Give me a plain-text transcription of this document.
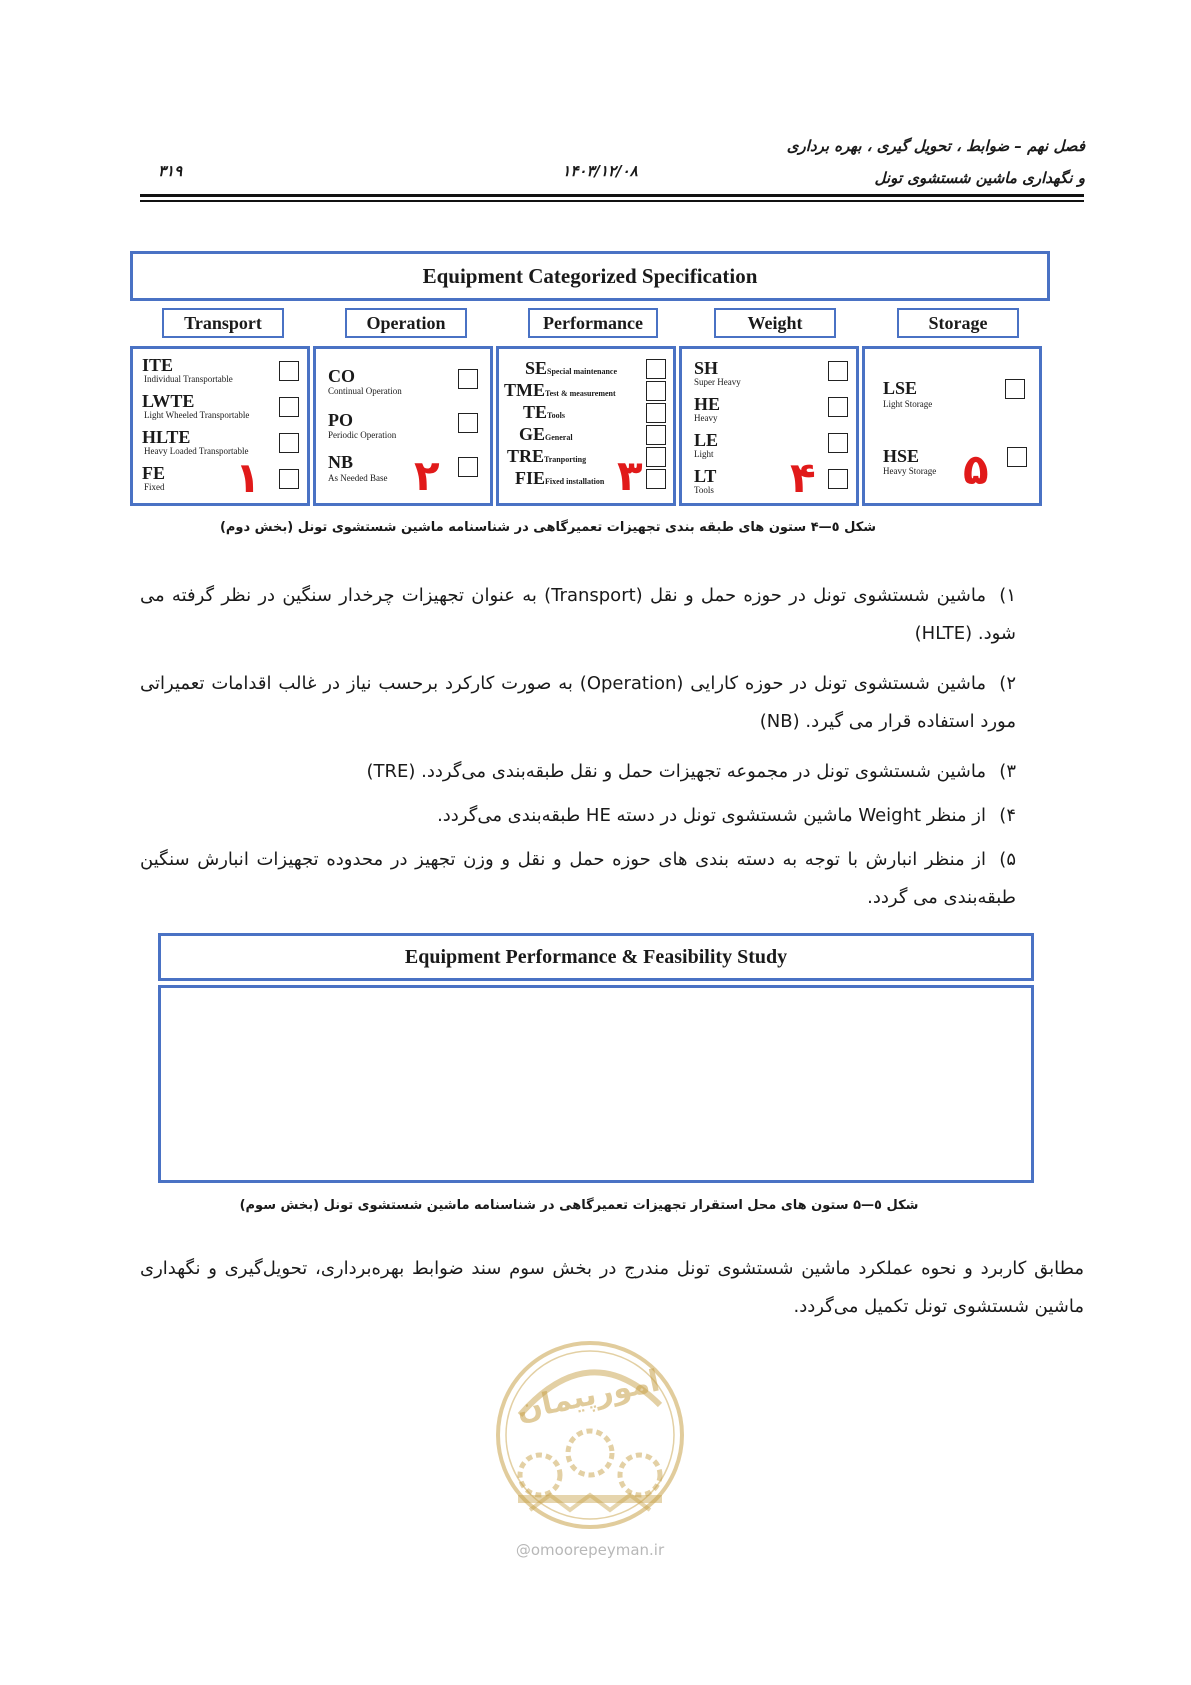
فصل نهم – ضوابط ، تحویل گیری ، بهره برداری
و نگهداری ماشین شستشوی تونل
۱۴۰۳/۱۲/۰۸
۳۱۹
Equipment Categorized Specification
Transport	Operation	Performance	Weight	Storage
ITE
Individual Transportable
LWTE
Light Wheeled Transportable
HLTE
Heavy Loaded Transportable
FE
Fixed ۱
CO
Continual Operation
PO
Periodic Operation
NB
As Needed Base ۲
SESpecial maintenance
TMETest & measurement
TETools
GEGeneral
TRETranporting
FIEFixed installation ۳
SH
Super Heavy
HE
Heavy
LE
Light
LT
Tools ۴
LSE
Light Storage
HSE
Heavy Storage ۵
شکل ٥—۴ ستون های طبقه بندی تجهیزات تعمیرگاهی در شناسنامه ماشین شستشوی تونل (بخش دوم)
۱)ماشین شستشوی تونل در حوزه حمل و نقل (Transport) به عنوان تجهیزات چرخدار سنگین در نظر گرفته می شود. (HLTE)
۲)ماشین شستشوی تونل در حوزه کارایی (Operation) به صورت کارکرد برحسب نیاز در غالب اقدامات تعمیراتی مورد استفاده قرار می گیرد. (NB)
۳)ماشین شستشوی تونل در مجموعه تجهیزات حمل و نقل طبقه‌بندی می‌گردد. (TRE)
۴)از منظر Weight ماشین شستشوی تونل در دسته HE طبقه‌بندی می‌گردد.
۵)از منظر انبارش با توجه به دسته بندی های حوزه حمل و نقل و وزن تجهیز در محدوده تجهیزات انبارش سنگین طبقه‌بندی می گردد.
Equipment Performance & Feasibility Study
شکل ٥—۵ ستون های محل استقرار تجهیزات تعمیرگاهی در شناسنامه ماشین شستشوی تونل (بخش سوم)
مطابق کاربرد و نحوه عملکرد ماشین شستشوی تونل مندرج در بخش سوم سند ضوابط بهره‌برداری، تحویل‌گیری و نگهداری ماشین شستشوی تونل تکمیل می‌گردد.
امورپیمان
@omoorepeyman.ir
